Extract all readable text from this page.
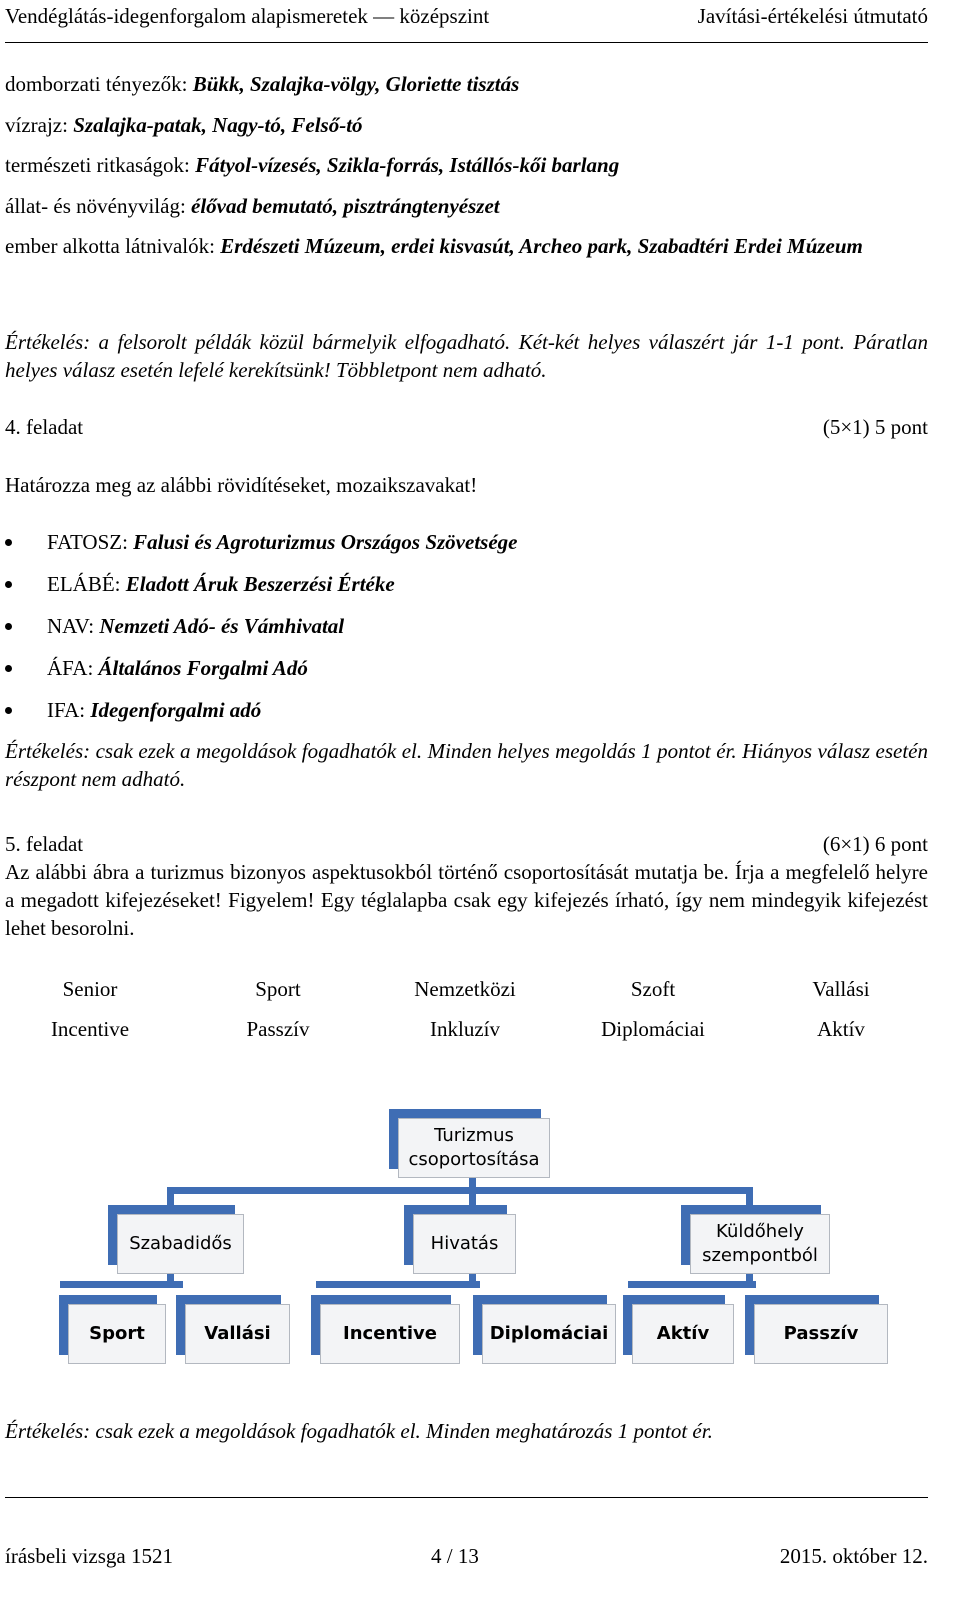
Vendéglátás-idegenforgalom alapismeretek — középszint	Javítási-értékelési útmutató
domborzati tényezők: Bükk, Szalajka-völgy, Gloriette tisztás
vízrajz: Szalajka-patak, Nagy-tó, Felső-tó
természeti ritkaságok: Fátyol-vízesés, Szikla-forrás, Istállós-kői barlang
állat- és növényvilág: élővad bemutató, pisztrángtenyészet
ember alkotta látnivalók: Erdészeti Múzeum, erdei kisvasút, Archeo park, Szabadtéri Erdei Múzeum
Értékelés: a felsorolt példák közül bármelyik elfogadható. Két-két helyes válaszért jár 1-1 pont. Páratlan helyes válasz esetén lefelé kerekítsünk! Többletpont nem adható.
4. feladat	(5×1) 5 pont
Határozza meg az alábbi rövidítéseket, mozaikszavakat!
FATOSZ: Falusi és Agroturizmus Országos Szövetsége
ELÁBÉ: Eladott Áruk Beszerzési Értéke
NAV: Nemzeti Adó- és Vámhivatal
ÁFA: Általános Forgalmi Adó
IFA: Idegenforgalmi adó
Értékelés: csak ezek a megoldások fogadhatók el. Minden helyes megoldás 1 pontot ér. Hiányos válasz esetén részpont nem adható.
5. feladat	(6×1) 6 pont
Az alábbi ábra a turizmus bizonyos aspektusokból történő csoportosítását mutatja be. Írja a megfelelő helyre a megadott kifejezéseket! Figyelem! Egy téglalapba csak egy kifejezés írható, így nem mindegyik kifejezést lehet besorolni.
Senior	Sport	Nemzetközi	Szoft	Vallási
Incentive	Passzív	Inkluzív	Diplomáciai	Aktív
Turizmus csoportosítása
Szabadidős	Hivatás
Küldőhely szempontból
Sport	Vallási	Incentive	Diplomáciai	Aktív	Passzív
Értékelés: csak ezek a megoldások fogadhatók el. Minden meghatározás 1 pontot ér.
írásbeli vizsga 1521	4 / 13	2015. október 12.
